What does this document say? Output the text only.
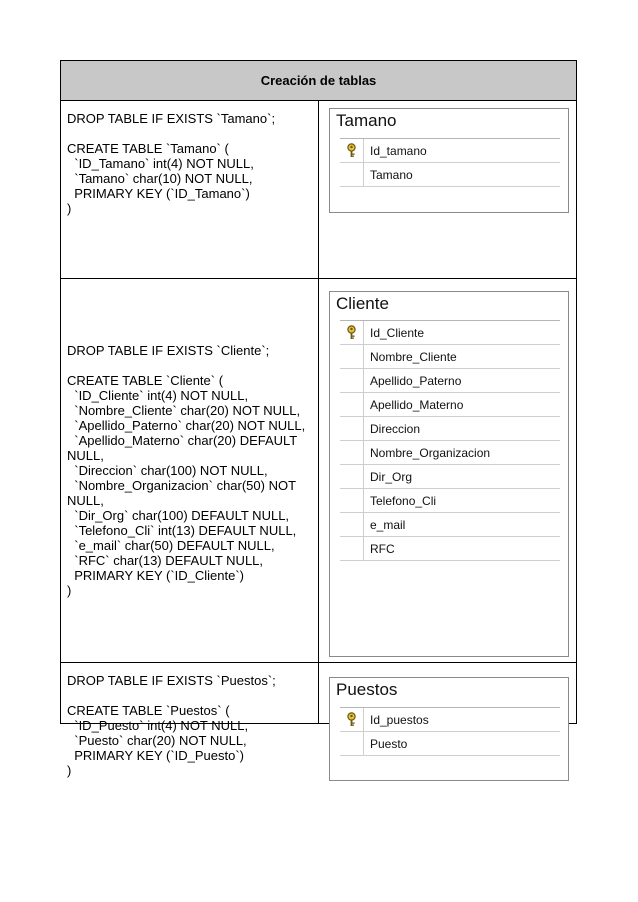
Creación de tablas
DROP TABLE IF EXISTS `Tamano`;
CREATE TABLE `Tamano` (
`ID_Tamano` int(4) NOT NULL,
`Tamano` char(10) NOT NULL,
PRIMARY KEY (`ID_Tamano`)
)
Tamano
Id_tamano
Tamano
DROP TABLE IF EXISTS `Cliente`;
CREATE TABLE `Cliente` (
`ID_Cliente` int(4) NOT NULL,
`Nombre_Cliente` char(20) NOT NULL,
`Apellido_Paterno` char(20) NOT NULL,
`Apellido_Materno` char(20) DEFAULT
NULL,
`Direccion` char(100) NOT NULL,
`Nombre_Organizacion` char(50) NOT
NULL,
`Dir_Org` char(100) DEFAULT NULL,
`Telefono_Cli` int(13) DEFAULT NULL,
`e_mail` char(50) DEFAULT NULL,
`RFC` char(13) DEFAULT NULL,
PRIMARY KEY (`ID_Cliente`)
)
Cliente
Id_Cliente
Nombre_Cliente
Apellido_Paterno
Apellido_Materno
Direccion
Nombre_Organizacion
Dir_Org
Telefono_Cli
e_mail
RFC
DROP TABLE IF EXISTS `Puestos`;
CREATE TABLE `Puestos` (
`ID_Puesto` int(4) NOT NULL,
`Puesto` char(20) NOT NULL,
PRIMARY KEY (`ID_Puesto`)
)
Puestos
Id_puestos
Puesto
